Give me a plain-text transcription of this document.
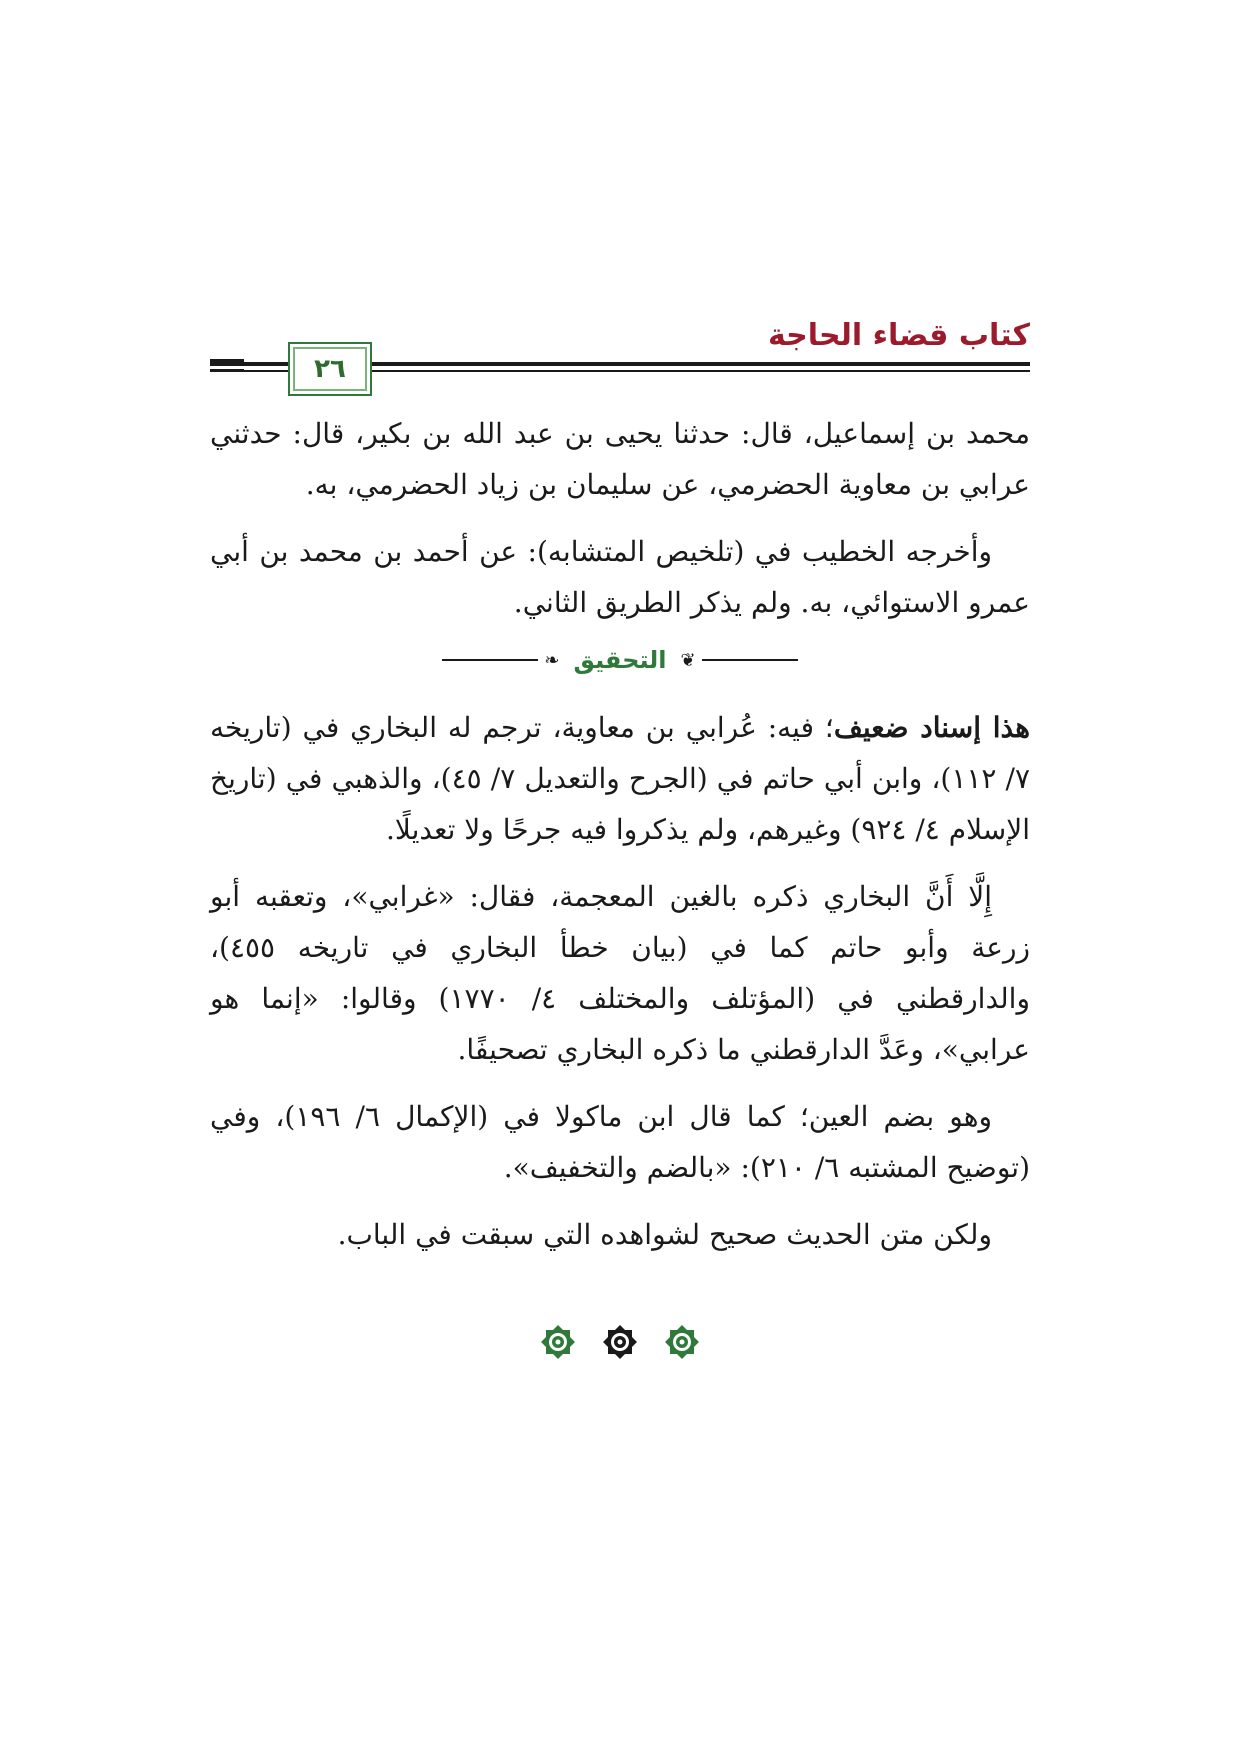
كتاب قضاء الحاجة
٢٦

محمد بن إسماعيل، قال: حدثنا يحيى بن عبد الله بن بكير، قال: حدثني عرابي بن معاوية الحضرمي، عن سليمان بن زياد الحضرمي، به.

وأخرجه الخطيب في (تلخيص المتشابه): عن أحمد بن محمد بن أبي عمرو الاستوائي، به. ولم يذكر الطريق الثاني.

❦
التحقيق
❧

هذا إسناد ضعيف؛ فيه: عُرابي بن معاوية، ترجم له البخاري في (تاريخه ٧/ ١١٢)، وابن أبي حاتم في (الجرح والتعديل ٧/ ٤٥)، والذهبي في (تاريخ الإسلام ٤/ ٩٢٤) وغيرهم، ولم يذكروا فيه جرحًا ولا تعديلًا.

إِلَّا أَنَّ البخاري ذكره بالغين المعجمة، فقال: «غرابي»، وتعقبه أبو زرعة وأبو حاتم كما في (بيان خطأ البخاري في تاريخه ٤٥٥)، والدارقطني في (المؤتلف والمختلف ٤/ ١٧٧٠) وقالوا: «إنما هو عرابي»، وعَدَّ الدارقطني ما ذكره البخاري تصحيفًا.

وهو بضم العين؛ كما قال ابن ماكولا في (الإكمال ٦/ ١٩٦)، وفي (توضيح المشتبه ٦/ ٢١٠): «بالضم والتخفيف».

ولكن متن الحديث صحيح لشواهده التي سبقت في الباب.
